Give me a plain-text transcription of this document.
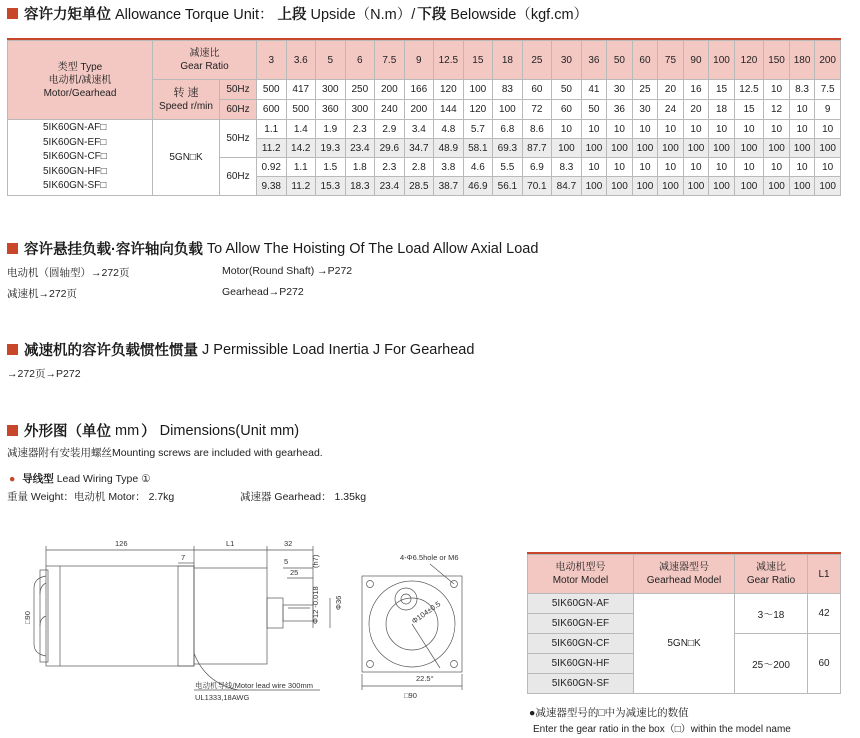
容许力矩单位 Allowance Torque Unit： 上段 Upside（N.m）/ 下段 Belowside（kgf.cm）
类型 Type
电动机/减速机
Motor/Gearhead	减速比
Gear Ratio		3	3.6	5	6	7.5	9	12.5	15	18	25	30	36	50	60	75	90	100	120	150	180	200
	转 速
Speed r/min	50Hz	500	417	300	250	200	166	120	100	83	60	50	41	30	25	20	16	15	12.5	10	8.3	7.5
		60Hz	600	500	360	300	240	200	144	120	100	72	60	50	36	30	24	20	18	15	12	10	9
5IK60GN-AF□
5IK60GN-EF□
5IK60GN-CF□
5IK60GN-HF□
5IK60GN-SF□	5GN□K	50Hz	1.1	1.4	1.9	2.3	2.9	3.4	4.8	5.7	6.8	8.6	10	10	10	10	10	10	10	10	10	10	10
			11.2	14.2	19.3	23.4	29.6	34.7	48.9	58.1	69.3	87.7	100	100	100	100	100	100	100	100	100	100	100
		60Hz	0.92	1.1	1.5	1.8	2.3	2.8	3.8	4.6	5.5	6.9	8.3	10	10	10	10	10	10	10	10	10	10
			9.38	11.2	15.3	18.3	23.4	28.5	38.7	46.9	56.1	70.1	84.7	100	100	100	100	100	100	100	100	100	100
容许悬挂负载·容许轴向负载 To Allow The Hoisting Of The Load Allow Axial Load
电动机（圆轴型）→272页	Motor(Round Shaft) →P272
减速机→272页	Gearhead→P272
减速机的容许负载惯性惯量 J Permissible Load Inertia J For Gearhead
→272页→P272
外形图（单位 mm ） Dimensions(Unit mm)
减速器附有安装用螺丝Mounting screws are included with gearhead.
● 导线型 Lead Wiring Type ①
重量 Weight：电动机 Motor： 2.7kg	减速器 Gearhead： 1.35kg
126	L1	32
7	5
25
(h7)
Φ12 -0.018 Φ36
□90
4-Φ6.5hole or M6
Φ104±0.5
22.5°
□90
电动机导线/Motor lead wire 300mm
UL1333,18AWG
电动机型号
Motor Model	减速器型号
Gearhead Model	减速比
Gear Ratio	L1
5IK60GN-AF	5GN□K	3～18	42
5IK60GN-EF			
5IK60GN-CF		25～200	60
5IK60GN-HF			
5IK60GN-SF			
●减速器型号的□中为减速比的数值
Enter the gear ratio in the box（□）within the model name
